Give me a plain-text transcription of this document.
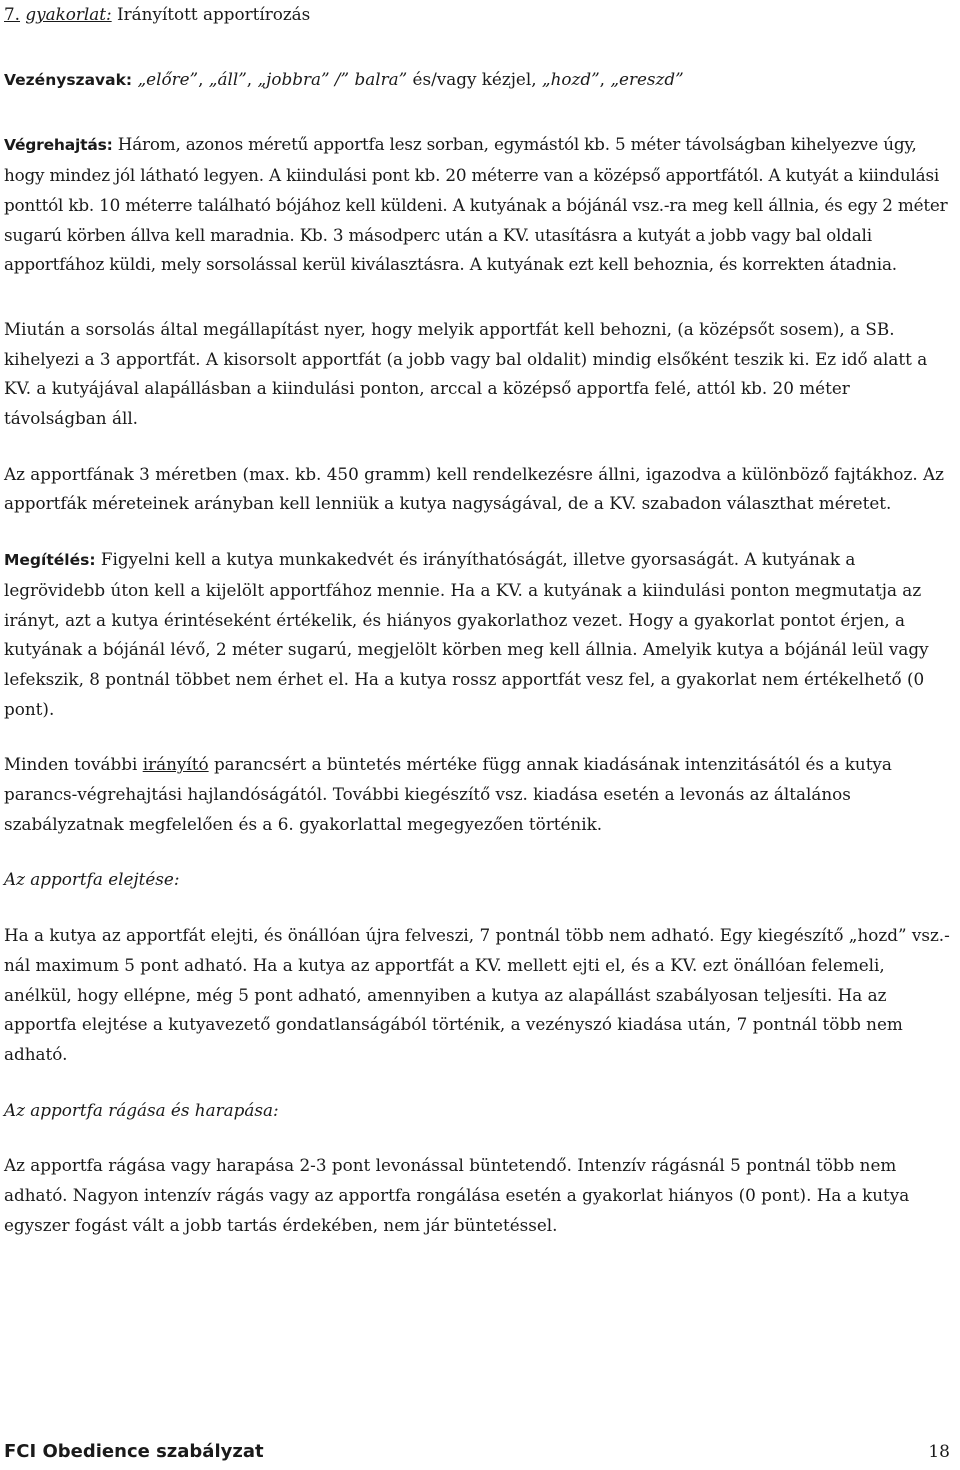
7. gyakorlat: Irányított apportírozás

Vezényszavak: „előre”, „áll”, „jobbra” /” balra” és/vagy kézjel, „hozd”, „ereszd”

Végrehajtás: Három, azonos méretű apportfa lesz sorban, egymástól kb. 5 méter távolságban kihelyezve úgy, hogy mindez jól látható legyen. A kiindulási pont kb. 20 méterre van a középső apportfától. A kutyát a kiindulási ponttól kb. 10 méterre található bójához kell küldeni. A kutyának a bójánál vsz.-ra meg kell állnia, és egy 2 méter sugarú körben állva kell maradnia. Kb. 3 másodperc után a KV. utasításra a kutyát a jobb vagy bal oldali apportfához küldi, mely sorsolással kerül kiválasztásra. A kutyának ezt kell behoznia, és korrekten átadnia.

Miután a sorsolás által megállapítást nyer, hogy melyik apportfát kell behozni, (a középsőt sosem), a SB. kihelyezi a 3 apportfát. A kisorsolt apportfát (a jobb vagy bal oldalit) mindig elsőként teszik ki. Ez idő alatt a KV. a kutyájával alapállásban a kiindulási ponton, arccal a középső apportfa felé, attól kb. 20 méter távolságban áll.

Az apportfának 3 méretben (max. kb. 450 gramm) kell rendelkezésre állni, igazodva a különböző fajtákhoz. Az apportfák méreteinek arányban kell lenniük a kutya nagyságával, de a KV. szabadon választhat méretet.

Megítélés: Figyelni kell a kutya munkakedvét és irányíthatóságát, illetve gyorsaságát. A kutyának a legrövidebb úton kell a kijelölt apportfához mennie. Ha a KV. a kutyának a kiindulási ponton megmutatja az irányt, azt a kutya érintéseként értékelik, és hiányos gyakorlathoz vezet. Hogy a gyakorlat pontot érjen, a kutyának a bójánál lévő, 2 méter sugarú, megjelölt körben meg kell állnia. Amelyik kutya a bójánál leül vagy lefekszik, 8 pontnál többet nem érhet el. Ha a kutya rossz apportfát vesz fel, a gyakorlat nem értékelhető (0 pont).

Minden további irányító parancsért a büntetés mértéke függ annak kiadásának intenzitásától és a kutya parancs-végrehajtási hajlandóságától. További kiegészítő vsz. kiadása esetén a levonás az általános szabályzatnak megfelelően és a 6. gyakorlattal megegyezően történik.

Az apportfa elejtése:

Ha a kutya az apportfát elejti, és önállóan újra felveszi, 7 pontnál több nem adható. Egy kiegészítő „hozd” vsz.-nál maximum 5 pont adható. Ha a kutya az apportfát a KV. mellett ejti el, és a KV. ezt önállóan felemeli, anélkül, hogy ellépne, még 5 pont adható, amennyiben a kutya az alapállást szabályosan teljesíti. Ha az apportfa elejtése a kutyavezető gondatlanságából történik, a vezényszó kiadása után, 7 pontnál több nem adható.

Az apportfa rágása és harapása:

Az apportfa rágása vagy harapása 2-3 pont levonással büntetendő. Intenzív rágásnál 5 pontnál több nem adható. Nagyon intenzív rágás vagy az apportfa rongálása esetén a gyakorlat hiányos (0 pont). Ha a kutya egyszer fogást vált a jobb tartás érdekében, nem jár büntetéssel.

FCI Obedience szabályzat	18
